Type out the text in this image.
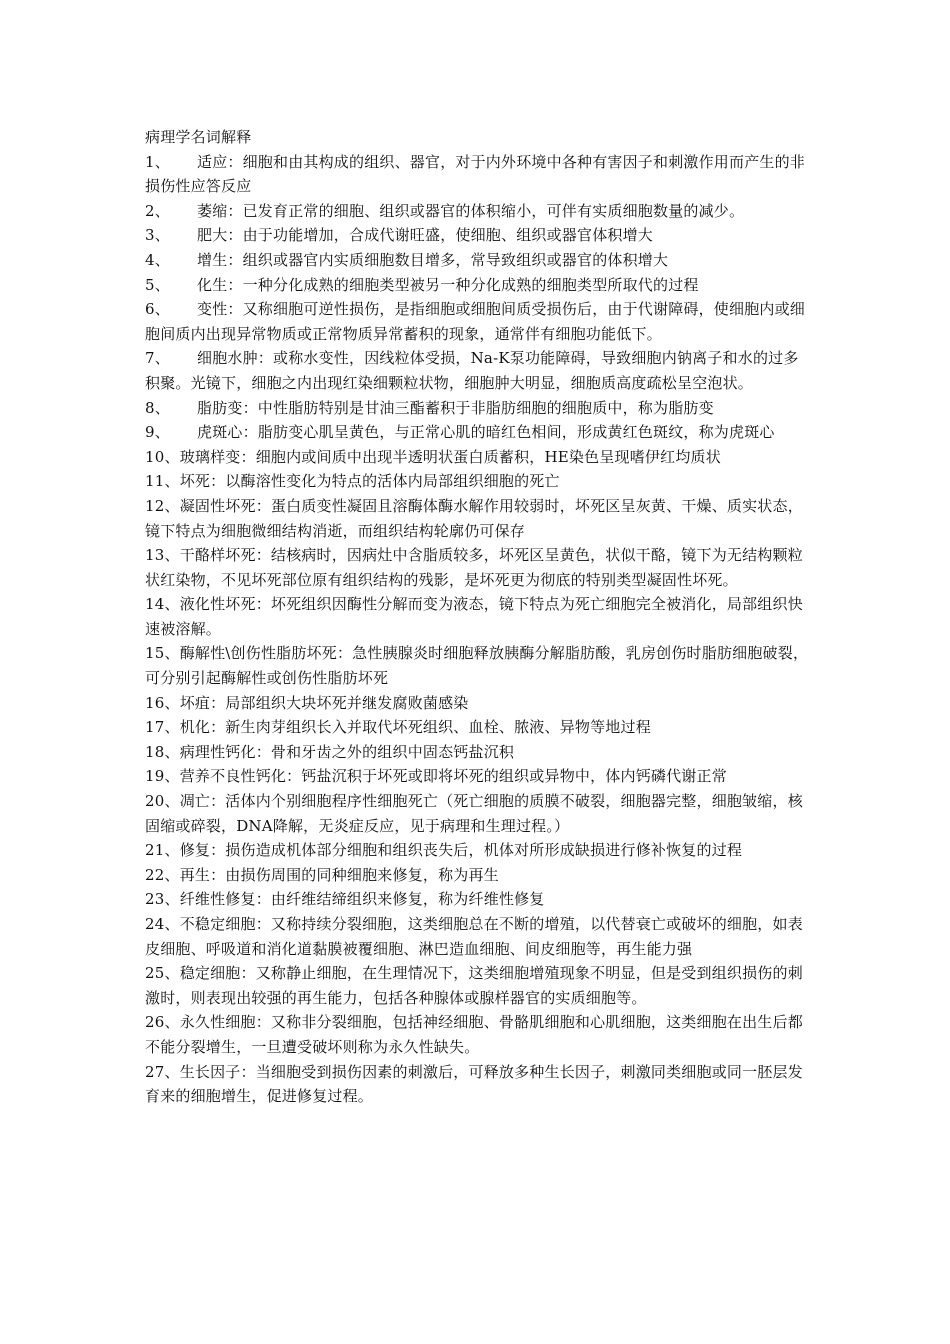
病理学名词解释

1、 适应：细胞和由其构成的组织、器官，对于内外环境中各种有害因子和刺激作用而产生的非损伤性应答反应

2、 萎缩：已发育正常的细胞、组织或器官的体积缩小，可伴有实质细胞数量的减少。

3、 肥大：由于功能增加，合成代谢旺盛，使细胞、组织或器官体积增大

4、 增生：组织或器官内实质细胞数目增多，常导致组织或器官的体积增大

5、 化生：一种分化成熟的细胞类型被另一种分化成熟的细胞类型所取代的过程

6、 变性：又称细胞可逆性损伤，是指细胞或细胞间质受损伤后，由于代谢障碍，使细胞内或细胞间质内出现异常物质或正常物质异常蓄积的现象，通常伴有细胞功能低下。

7、 细胞水肿：或称水变性，因线粒体受损，Na-K泵功能障碍，导致细胞内钠离子和水的过多积聚。光镜下，细胞之内出现红染细颗粒状物，细胞肿大明显，细胞质高度疏松呈空泡状。

8、 脂肪变：中性脂肪特别是甘油三酯蓄积于非脂肪细胞的细胞质中，称为脂肪变

9、 虎斑心：脂肪变心肌呈黄色，与正常心肌的暗红色相间，形成黄红色斑纹，称为虎斑心

10、玻璃样变：细胞内或间质中出现半透明状蛋白质蓄积，HE染色呈现嗜伊红均质状

11、坏死：以酶溶性变化为特点的活体内局部组织细胞的死亡

12、凝固性坏死：蛋白质变性凝固且溶酶体酶水解作用较弱时，坏死区呈灰黄、干燥、质实状态，镜下特点为细胞微细结构消逝，而组织结构轮廓仍可保存

13、干酪样坏死：结核病时，因病灶中含脂质较多，坏死区呈黄色，状似干酪，镜下为无结构颗粒状红染物，不见坏死部位原有组织结构的残影，是坏死更为彻底的特别类型凝固性坏死。

14、液化性坏死：坏死组织因酶性分解而变为液态，镜下特点为死亡细胞完全被消化，局部组织快速被溶解。

15、酶解性\创伤性脂肪坏死：急性胰腺炎时细胞释放胰酶分解脂肪酸，乳房创伤时脂肪细胞破裂，可分别引起酶解性或创伤性脂肪坏死

16、坏疽：局部组织大块坏死并继发腐败菌感染

17、机化：新生肉芽组织长入并取代坏死组织、血栓、脓液、异物等地过程

18、病理性钙化：骨和牙齿之外的组织中固态钙盐沉积

19、营养不良性钙化：钙盐沉积于坏死或即将坏死的组织或异物中，体内钙磷代谢正常

20、凋亡：活体内个别细胞程序性细胞死亡（死亡细胞的质膜不破裂，细胞器完整，细胞皱缩，核固缩或碎裂，DNA降解，无炎症反应，见于病理和生理过程。）

21、修复：损伤造成机体部分细胞和组织丧失后，机体对所形成缺损进行修补恢复的过程

22、再生：由损伤周围的同种细胞来修复，称为再生

23、纤维性修复：由纤维结缔组织来修复，称为纤维性修复

24、不稳定细胞：又称持续分裂细胞，这类细胞总在不断的增殖，以代替衰亡或破坏的细胞，如表皮细胞、呼吸道和消化道黏膜被覆细胞、淋巴造血细胞、间皮细胞等，再生能力强

25、稳定细胞：又称静止细胞，在生理情况下，这类细胞增殖现象不明显，但是受到组织损伤的刺激时，则表现出较强的再生能力，包括各种腺体或腺样器官的实质细胞等。

26、永久性细胞：又称非分裂细胞，包括神经细胞、骨骼肌细胞和心肌细胞，这类细胞在出生后都不能分裂增生，一旦遭受破坏则称为永久性缺失。

27、生长因子：当细胞受到损伤因素的刺激后，可释放多种生长因子，刺激同类细胞或同一胚层发育来的细胞增生，促进修复过程。
